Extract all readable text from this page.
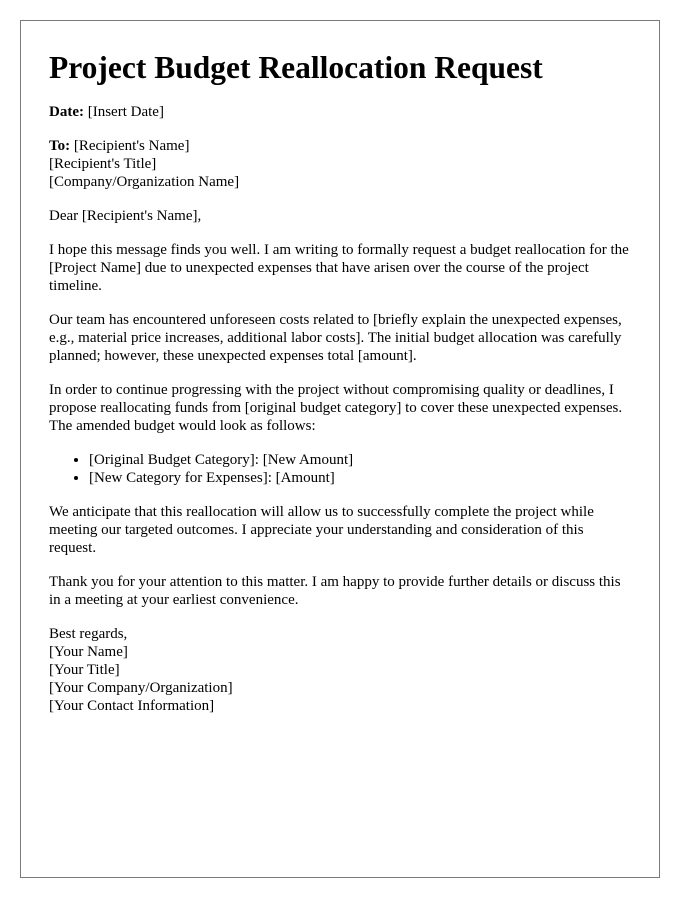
Project Budget Reallocation Request
Date: [Insert Date]
To: [Recipient's Name]
[Recipient's Title]
[Company/Organization Name]
Dear [Recipient's Name],
I hope this message finds you well. I am writing to formally request a budget reallocation for the [Project Name] due to unexpected expenses that have arisen over the course of the project timeline.
Our team has encountered unforeseen costs related to [briefly explain the unexpected expenses, e.g., material price increases, additional labor costs]. The initial budget allocation was carefully planned; however, these unexpected expenses total [amount].
In order to continue progressing with the project without compromising quality or deadlines, I propose reallocating funds from [original budget category] to cover these unexpected expenses. The amended budget would look as follows:
• [Original Budget Category]: [New Amount]
• [New Category for Expenses]: [Amount]
We anticipate that this reallocation will allow us to successfully complete the project while meeting our targeted outcomes. I appreciate your understanding and consideration of this request.
Thank you for your attention to this matter. I am happy to provide further details or discuss this in a meeting at your earliest convenience.
Best regards,
[Your Name]
[Your Title]
[Your Company/Organization]
[Your Contact Information]
